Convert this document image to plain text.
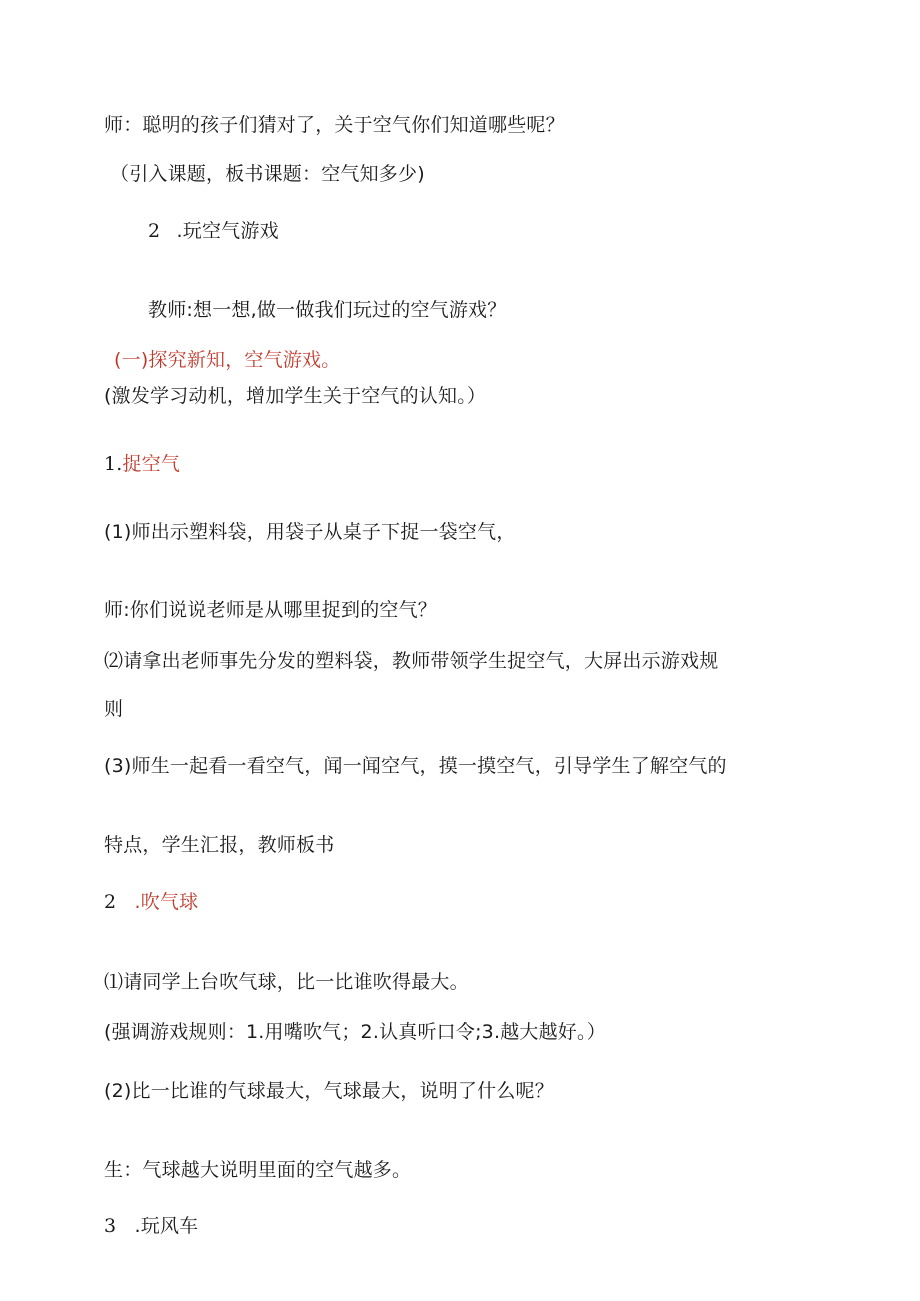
师：聪明的孩子们猜对了，关于空气你们知道哪些呢？
（引入课题，板书课题：空气知多少)
2 .玩空气游戏
教师:想一想,做一做我们玩过的空气游戏？
(一)探究新知，空气游戏。
(激发学习动机，增加学生关于空气的认知。）
1.捉空气
(1)师出示塑料袋，用袋子从桌子下捉一袋空气，
师:你们说说老师是从哪里捉到的空气？
⑵请拿出老师事先分发的塑料袋，教师带领学生捉空气，大屏出示游戏规
则
(3)师生一起看一看空气，闻一闻空气，摸一摸空气，引导学生了解空气的
特点，学生汇报，教师板书
2 .吹气球
⑴请同学上台吹气球，比一比谁吹得最大。
(强调游戏规则：1.用嘴吹气；2.认真听口令;3.越大越好。）
(2)比一比谁的气球最大，气球最大，说明了什么呢？
生：气球越大说明里面的空气越多。
3 .玩风车
